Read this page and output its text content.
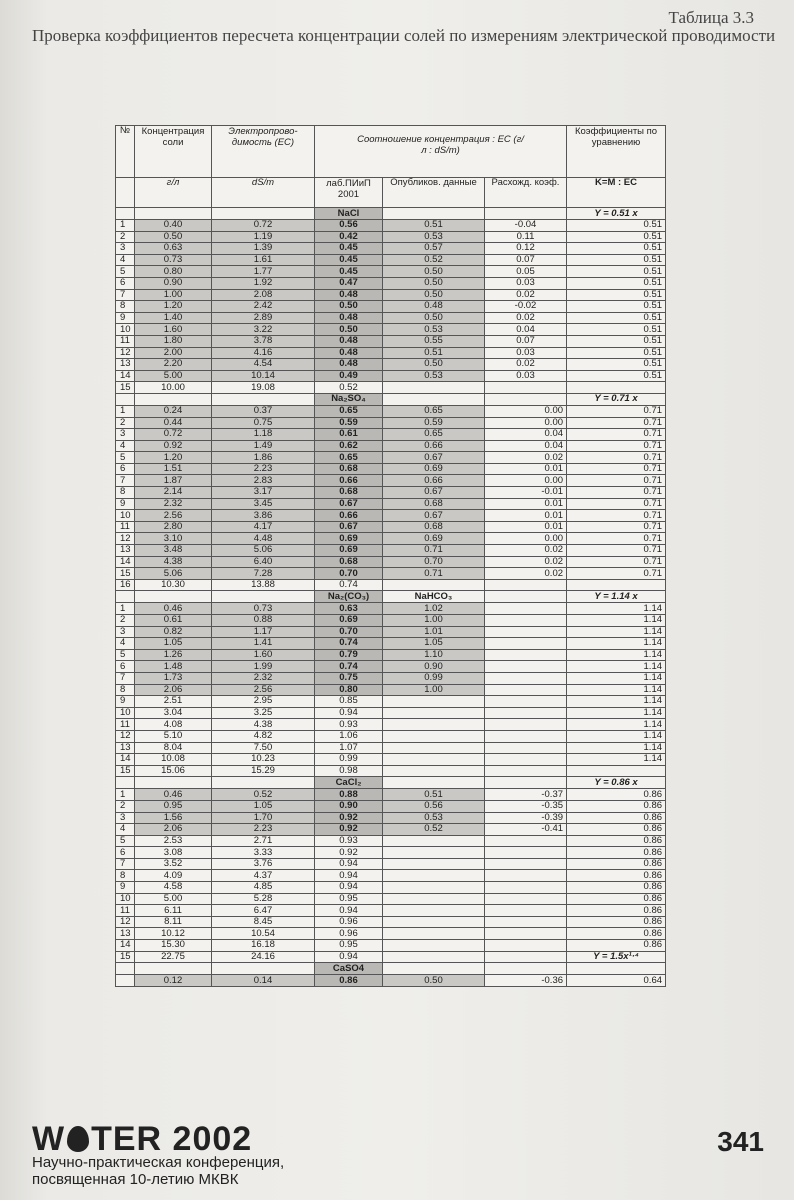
Таблица 3.3
Проверка коэффициентов пересчета концентрации солей по измерениям электрической проводимости
№	Концентрация соли	Электропрово-димость (EC)	Соотношение концентрация : EC (г/л : dS/m)			Коэффициенты по уравнению
	г/л	dS/m	лаб.ПИиП 2001	Опубликов. данные	Расхожд. коэф.	K=M : EC
			NaCl			Y = 0.51 x
1	0.40	0.72	0.56	0.51	-0.04	0.51
2	0.50	1.19	0.42	0.53	0.11	0.51
3	0.63	1.39	0.45	0.57	0.12	0.51
4	0.73	1.61	0.45	0.52	0.07	0.51
5	0.80	1.77	0.45	0.50	0.05	0.51
6	0.90	1.92	0.47	0.50	0.03	0.51
7	1.00	2.08	0.48	0.50	0.02	0.51
8	1.20	2.42	0.50	0.48	-0.02	0.51
9	1.40	2.89	0.48	0.50	0.02	0.51
10	1.60	3.22	0.50	0.53	0.04	0.51
11	1.80	3.78	0.48	0.55	0.07	0.51
12	2.00	4.16	0.48	0.51	0.03	0.51
13	2.20	4.54	0.48	0.50	0.02	0.51
14	5.00	10.14	0.49	0.53	0.03	0.51
15	10.00	19.08	0.52			
			Na₂SO₄			Y = 0.71 x
1	0.24	0.37	0.65	0.65	0.00	0.71
2	0.44	0.75	0.59	0.59	0.00	0.71
3	0.72	1.18	0.61	0.65	0.04	0.71
4	0.92	1.49	0.62	0.66	0.04	0.71
5	1.20	1.86	0.65	0.67	0.02	0.71
6	1.51	2.23	0.68	0.69	0.01	0.71
7	1.87	2.83	0.66	0.66	0.00	0.71
8	2.14	3.17	0.68	0.67	-0.01	0.71
9	2.32	3.45	0.67	0.68	0.01	0.71
10	2.56	3.86	0.66	0.67	0.01	0.71
11	2.80	4.17	0.67	0.68	0.01	0.71
12	3.10	4.48	0.69	0.69	0.00	0.71
13	3.48	5.06	0.69	0.71	0.02	0.71
14	4.38	6.40	0.68	0.70	0.02	0.71
15	5.06	7.28	0.70	0.71	0.02	0.71
16	10.30	13.88	0.74			
			Na₂(CO₃)	NaHCO₃		Y = 1.14 x
1	0.46	0.73	0.63	1.02		1.14
2	0.61	0.88	0.69	1.00		1.14
3	0.82	1.17	0.70	1.01		1.14
4	1.05	1.41	0.74	1.05		1.14
5	1.26	1.60	0.79	1.10		1.14
6	1.48	1.99	0.74	0.90		1.14
7	1.73	2.32	0.75	0.99		1.14
8	2.06	2.56	0.80	1.00		1.14
9	2.51	2.95	0.85			1.14
10	3.04	3.25	0.94			1.14
11	4.08	4.38	0.93			1.14
12	5.10	4.82	1.06			1.14
13	8.04	7.50	1.07			1.14
14	10.08	10.23	0.99			1.14
15	15.06	15.29	0.98			
			CaCl₂			Y = 0.86 x
1	0.46	0.52	0.88	0.51	-0.37	0.86
2	0.95	1.05	0.90	0.56	-0.35	0.86
3	1.56	1.70	0.92	0.53	-0.39	0.86
4	2.06	2.23	0.92	0.52	-0.41	0.86
5	2.53	2.71	0.93			0.86
6	3.08	3.33	0.92			0.86
7	3.52	3.76	0.94			0.86
8	4.09	4.37	0.94			0.86
9	4.58	4.85	0.94			0.86
10	5.00	5.28	0.95			0.86
11	6.11	6.47	0.94			0.86
12	8.11	8.45	0.96			0.86
13	10.12	10.54	0.96			0.86
14	15.30	16.18	0.95			0.86
15	22.75	24.16	0.94			Y = 1.5x¹·⁴
			CaSO4			
	0.12	0.14	0.86	0.50	-0.36	0.64
W TER 2002
Научно-практическая конференция,
посвященная 10-летию МКВК
341
